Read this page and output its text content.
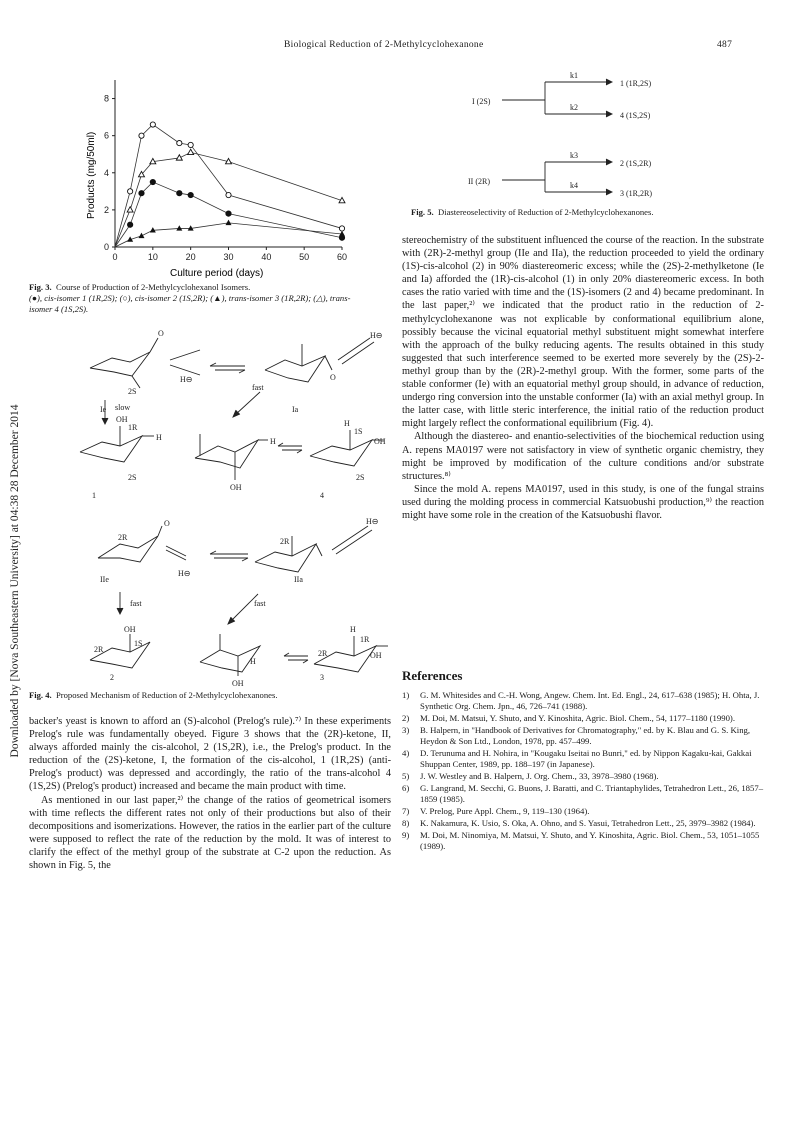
Biological Reduction of 2-Methylcyclohexanone	487
Downloaded by [Nova Southeastern University] at 04:38 28 December 2014
0	10	20	30	40	50	60
0
2
4
6
8
Products (mg/50ml)
Culture period (days)
Fig. 3. Course of Production of 2-Methylcyclohexanol Isomers.
(●), cis-isomer 1 (1R,2S); (○), cis-isomer 2 (1S,2R); (▲), trans-isomer 3 (1R,2R); (△), trans-isomer 4 (1S,2S).
O
2S
Ie
H⊖	O
Ia
H⊖
slow
fast
OH
1R
H
2S
1
OH
H
H
1S
OH
2S
4
O
2R
IIe
H⊖
2R
IIa
H⊖
fast	fast
OH
2R
1S
2
OH
H
H
2R
1R
OH
3
Fig. 4. Proposed Mechanism of Reduction of 2-Methylcyclohexanones.

backer's yeast is known to afford an (S)-alcohol (Prelog's rule).⁷⁾ In these experiments Prelog's rule was fundamentally obeyed. Figure 3 shows that the (2R)-ketone, II, always afforded mainly the cis-alcohol, 2 (1S,2R), i.e., the Prelog's product. In the reduction of the (2S)-ketone, I, the formation of the cis-alcohol, 1 (1R,2S) (anti-Prelog's product) was depressed and accordingly, the ratio of the trans-alcohol 4 (1S,2S) (Prelog's product) increased and became the main product with time.

As mentioned in our last paper,²⁾ the change of the ratios of geometrical isomers with time reflects the different rates not only of their productions but also of their decompositions and isomerizations. However, the ratios in the earlier part of the culture were supposed to reflect the rate of the reduction by the mold. It was of interest to clarify the effect of the methyl group of the substrate at C-2 upon the reduction. As shown in Fig. 5, the

I (2S)
k1
k2
1 (1R,2S)
4 (1S,2S)
II (2R)
k3
k4
2 (1S,2R)
3 (1R,2R)
Fig. 5. Diastereoselectivity of Reduction of 2-Methylcyclohexanones.

stereochemistry of the substituent influenced the course of the reaction. In the substrate with (2R)-2-methyl group (IIe and IIa), the reduction proceeded to yield the ordinary (1S)-cis-alcohol (2) in 90% diastereomeric excess; while the (2S)-2-methylketone (Ie and Ia) afforded the (1R)-cis-alcohol (1) in only 20% diastereomeric excess. In both cases the ratio varied with time and the (1S)-isomers (2 and 4) became predominant. In the last paper,²⁾ we indicated that the product ratio in the reduction of 2-methylcyclohexanone was not explicable by conformational equilibrium alone, possibly because the vicinal equatorial methyl substituent might somewhat interfere with the approach of the bulky reducing agents. The results obtained in this study suggested that such interference seemed to be exerted more severely by the (2S)-2-methyl group than by the (2R)-2-methyl group. With the former, some parts of the stable conformer (Ie) with an equatorial methyl group should, in advance of reduction, undergo ring conversion into the unstable conformer (Ia) with an axial methyl group. In the latter case, with little steric interference, the initial ratio of the reduction product might largely reflect the conformational equilibrium (Fig. 4).

Although the diastereo- and enantio-selectivities of the biochemical reduction using A. repens MA0197 were not satisfactory in view of synthetic organic chemistry, they might be improved by modification of the culture conditions and/or substrate structures.⁸⁾

Since the mold A. repens MA0197, used in this study, is one of the fungal strains used during the molding process in commercial Katsuobushi production,⁹⁾ the reaction might have some role in the creation of the Katsuobushi flavor.

References
1) G. M. Whitesides and C.-H. Wong, Angew. Chem. Int. Ed. Engl., 24, 617–638 (1985); H. Ohta, J. Synthetic Org. Chem. Jpn., 46, 726–741 (1988).
2) M. Doi, M. Matsui, Y. Shuto, and Y. Kinoshita, Agric. Biol. Chem., 54, 1177–1180 (1990).
3) B. Halpern, in "Handbook of Derivatives for Chromatography," ed. by K. Blau and G. S. King, Heydon & Son Ltd., London, 1978, pp. 457–499.
4) D. Terunuma and H. Nohira, in "Kougaku Iseitai no Bunri," ed. by Nippon Kagaku-kai, Gakkai Shuppan Center, 1989, pp. 188–197 (in Japanese).
5) J. W. Westley and B. Halpern, J. Org. Chem., 33, 3978–3980 (1968).
6) G. Langrand, M. Secchi, G. Buons, J. Baratti, and C. Triantaphylides, Tetrahedron Lett., 26, 1857–1859 (1985).
7) V. Prelog, Pure Appl. Chem., 9, 119–130 (1964).
8) K. Nakamura, K. Usio, S. Oka, A. Ohno, and S. Yasui, Tetrahedron Lett., 25, 3979–3982 (1984).
9) M. Doi, M. Ninomiya, M. Matsui, Y. Shuto, and Y. Kinoshita, Agric. Biol. Chem., 53, 1051–1055 (1989).
